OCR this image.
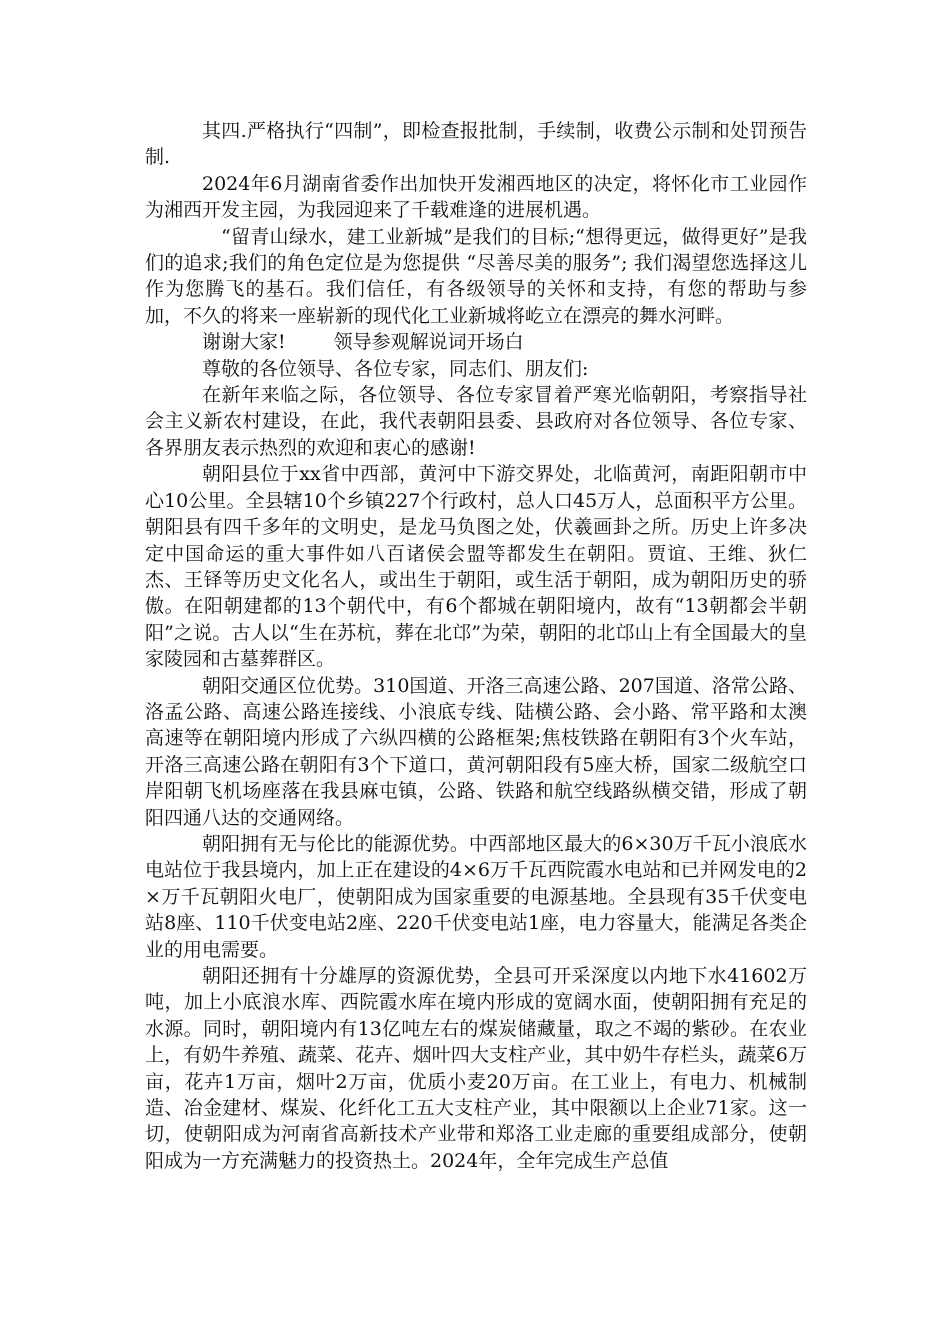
其四.严格执行“四制”，即检查报批制，手续制，收费公示制和处罚预告制.

2024年6月湖南省委作出加快开发湘西地区的决定，将怀化市工业园作为湘西开发主园，为我园迎来了千载难逢的进展机遇。

“留青山绿水，建工业新城”是我们的目标;“想得更远，做得更好”是我们的追求;我们的角色定位是为您提供 “尽善尽美的服务”; 我们渴望您选择这儿作为您腾飞的基石。我们信任，有各级领导的关怀和支持，有您的帮助与参加，不久的将来一座崭新的现代化工业新城将屹立在漂亮的舞水河畔。

谢谢大家!	领导参观解说词开场白

尊敬的各位领导、各位专家，同志们、朋友们:

在新年来临之际，各位领导、各位专家冒着严寒光临朝阳，考察指导社会主义新农村建设，在此，我代表朝阳县委、县政府对各位领导、各位专家、各界朋友表示热烈的欢迎和衷心的感谢!

朝阳县位于xx省中西部，黄河中下游交界处，北临黄河，南距阳朝市中心10公里。全县辖10个乡镇227个行政村，总人口45万人，总面积平方公里。朝阳县有四千多年的文明史，是龙马负图之处，伏羲画卦之所。历史上许多决定中国命运的重大事件如八百诸侯会盟等都发生在朝阳。贾谊、王维、狄仁杰、王铎等历史文化名人，或出生于朝阳，或生活于朝阳，成为朝阳历史的骄傲。在阳朝建都的13个朝代中，有6个都城在朝阳境内，故有“13朝都会半朝阳”之说。古人以“生在苏杭，葬在北邙”为荣，朝阳的北邙山上有全国最大的皇家陵园和古墓葬群区。

朝阳交通区位优势。310国道、开洛三高速公路、207国道、洛常公路、洛孟公路、高速公路连接线、小浪底专线、陆横公路、会小路、常平路和太澳高速等在朝阳境内形成了六纵四横的公路框架;焦枝铁路在朝阳有3个火车站，开洛三高速公路在朝阳有3个下道口，黄河朝阳段有5座大桥，国家二级航空口岸阳朝飞机场座落在我县麻屯镇，公路、铁路和航空线路纵横交错，形成了朝阳四通八达的交通网络。

朝阳拥有无与伦比的能源优势。中西部地区最大的6×30万千瓦小浪底水电站位于我县境内，加上正在建设的4×6万千瓦西院霞水电站和已并网发电的2×万千瓦朝阳火电厂，使朝阳成为国家重要的电源基地。全县现有35千伏变电站8座、110千伏变电站2座、220千伏变电站1座，电力容量大，能满足各类企业的用电需要。

朝阳还拥有十分雄厚的资源优势，全县可开采深度以内地下水41602万吨，加上小底浪水库、西院霞水库在境内形成的宽阔水面，使朝阳拥有充足的水源。同时，朝阳境内有13亿吨左右的煤炭储藏量，取之不竭的紫砂。在农业上，有奶牛养殖、蔬菜、花卉、烟叶四大支柱产业，其中奶牛存栏头，蔬菜6万亩，花卉1万亩，烟叶2万亩，优质小麦20万亩。在工业上，有电力、机械制造、冶金建材、煤炭、化纤化工五大支柱产业，其中限额以上企业71家。这一切，使朝阳成为河南省高新技术产业带和郑洛工业走廊的重要组成部分，使朝阳成为一方充满魅力的投资热土。2024年，全年完成生产总值
